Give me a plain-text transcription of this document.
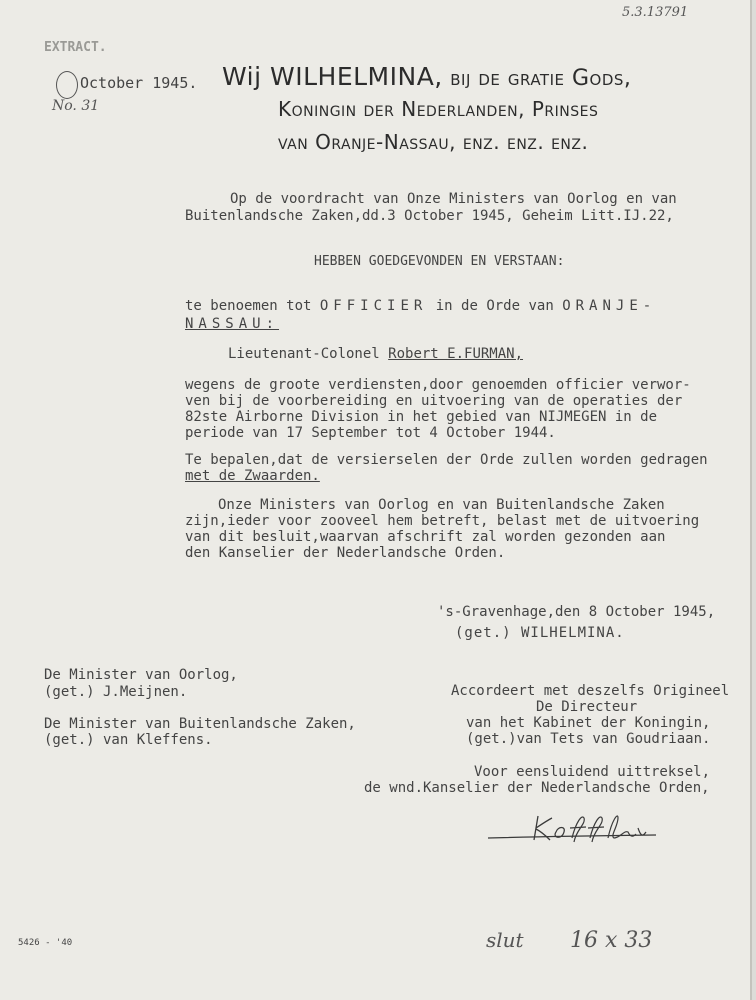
5.3.13791
EXTRACT.
October 1945.
No. 31
Wij WILHELMINA, bij de gratie Gods,
Koningin der Nederlanden, Prinses
van Oranje-Nassau, enz. enz. enz.
Op de voordracht van Onze Ministers van Oorlog en van
Buitenlandsche Zaken,dd.3 October 1945, Geheim Litt.IJ.22,
HEBBEN GOEDGEVONDEN EN VERSTAAN:
te benoemen tot OFFICIER in de Orde van ORANJE-
NASSAU:
Lieutenant-Colonel Robert E.FURMAN,
wegens de groote verdiensten,door genoemden officier verwor-
ven bij de voorbereiding en uitvoering van de operaties der
82ste Airborne Division in het gebied van NIJMEGEN in de
periode van 17 September tot 4 October 1944.
Te bepalen,dat de versierselen der Orde zullen worden gedragen
met de Zwaarden.
Onze Ministers van Oorlog en van Buitenlandsche Zaken
zijn,ieder voor zooveel hem betreft, belast met de uitvoering
van dit besluit,waarvan afschrift zal worden gezonden aan
den Kanselier der Nederlandsche Orden.
's-Gravenhage,den 8 October 1945,
(get.) WILHELMINA.
De Minister van Oorlog,
(get.) J.Meijnen.
De Minister van Buitenlandsche Zaken,
(get.) van Kleffens.
Accordeert met deszelfs Origineel
De Directeur
van het Kabinet der Koningin,
(get.)van Tets van Goudriaan.
Voor eensluidend uittreksel,
de wnd.Kanselier der Nederlandsche Orden,
5426 - '40	slut 16 x 33
